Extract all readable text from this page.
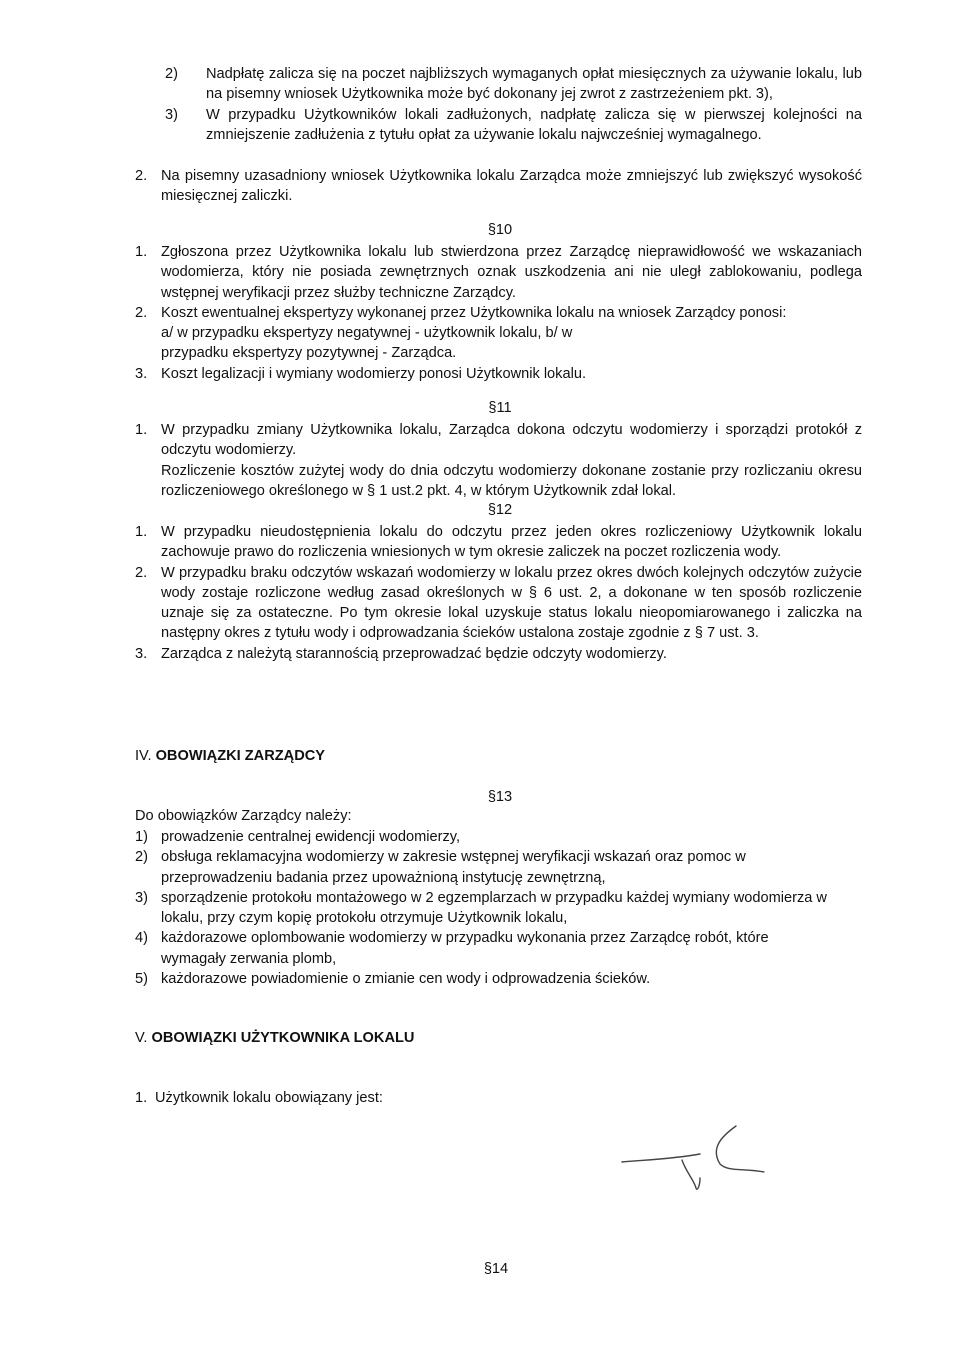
2)	Nadpłatę zalicza się na poczet najbliższych wymaganych opłat miesięcznych za używanie lokalu, lub na pisemny wniosek Użytkownika może być dokonany jej zwrot z zastrzeżeniem pkt. 3),
3)	W przypadku Użytkowników lokali zadłużonych, nadpłatę zalicza się w pierwszej kolejności na zmniejszenie zadłużenia z tytułu opłat za używanie lokalu najwcześniej wymagalnego.
2. Na pisemny uzasadniony wniosek Użytkownika lokalu Zarządca może zmniejszyć lub zwiększyć wysokość miesięcznej zaliczki.
§10
1. Zgłoszona przez Użytkownika lokalu lub stwierdzona przez Zarządcę nieprawidłowość we wskazaniach wodomierza, który nie posiada zewnętrznych oznak uszkodzenia ani nie uległ zablokowaniu, podlega wstępnej weryfikacji przez służby techniczne Zarządcy.
2. Koszt ewentualnej ekspertyzy wykonanej przez Użytkownika lokalu na wniosek Zarządcy ponosi:
a/ w przypadku ekspertyzy negatywnej - użytkownik lokalu, b/ w
przypadku ekspertyzy pozytywnej - Zarządca.
3. Koszt legalizacji i wymiany wodomierzy ponosi Użytkownik lokalu.
§11
1. W przypadku zmiany Użytkownika lokalu, Zarządca dokona odczytu wodomierzy i sporządzi protokół z odczytu wodomierzy.
Rozliczenie kosztów zużytej wody do dnia odczytu wodomierzy dokonane zostanie przy rozliczaniu okresu rozliczeniowego określonego w § 1 ust.2 pkt. 4, w którym Użytkownik zdał lokal.
§12
1. W przypadku nieudostępnienia lokalu do odczytu przez jeden okres rozliczeniowy Użytkownik lokalu zachowuje prawo do rozliczenia wniesionych w tym okresie zaliczek na poczet rozliczenia wody.
2. W przypadku braku odczytów wskazań wodomierzy w lokalu przez okres dwóch kolejnych odczytów zużycie wody zostaje rozliczone według zasad określonych w § 6 ust. 2, a dokonane w ten sposób rozliczenie uznaje się za ostateczne. Po tym okresie lokal uzyskuje status lokalu nieopomiarowanego i zaliczka na następny okres z tytułu wody i odprowadzania ścieków ustalona zostaje zgodnie z § 7 ust. 3.
3. Zarządca z należytą starannością przeprowadzać będzie odczyty wodomierzy.
IV. OBOWIĄZKI ZARZĄDCY
§13
Do obowiązków Zarządcy należy:
1) prowadzenie centralnej ewidencji wodomierzy,
2) obsługa reklamacyjna wodomierzy w zakresie wstępnej weryfikacji wskazań oraz pomoc w przeprowadzeniu badania przez upoważnioną instytucję zewnętrzną,
3) sporządzenie protokołu montażowego w 2 egzemplarzach w przypadku każdej wymiany wodomierza w lokalu, przy czym kopię protokołu otrzymuje Użytkownik lokalu,
4) każdorazowe oplombowanie wodomierzy w przypadku wykonania przez Zarządcę robót, które wymagały zerwania plomb,
5) każdorazowe powiadomienie o zmianie cen wody i odprowadzenia ścieków.
V. OBOWIĄZKI UŻYTKOWNIKA LOKALU
1. Użytkownik lokalu obowiązany jest:
§14
